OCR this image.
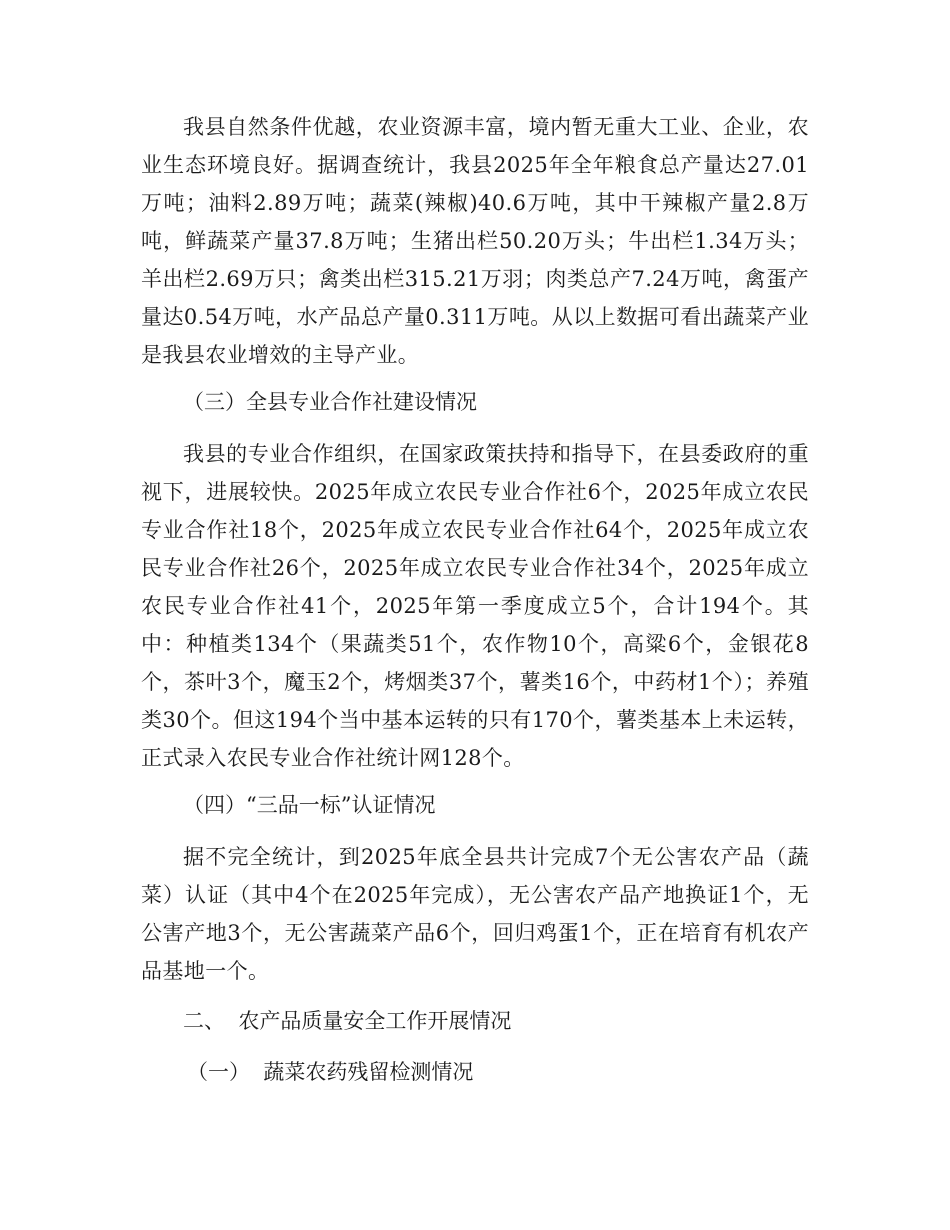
我县自然条件优越，农业资源丰富，境内暂无重大工业、企业，农业生态环境良好。据调查统计，我县2025年全年粮食总产量达27.01万吨；油料2.89万吨；蔬菜(辣椒)40.6万吨，其中干辣椒产量2.8万吨，鲜蔬菜产量37.8万吨；生猪出栏50.20万头；牛出栏1.34万头；羊出栏2.69万只；禽类出栏315.21万羽；肉类总产7.24万吨，禽蛋产量达0.54万吨，水产品总产量0.311万吨。从以上数据可看出蔬菜产业是我县农业增效的主导产业。

（三）全县专业合作社建设情况

我县的专业合作组织，在国家政策扶持和指导下，在县委政府的重视下，进展较快。2025年成立农民专业合作社6个，2025年成立农民专业合作社18个，2025年成立农民专业合作社64个，2025年成立农民专业合作社26个，2025年成立农民专业合作社34个，2025年成立农民专业合作社41个，2025年第一季度成立5个，合计194个。其中：种植类134个（果蔬类51个，农作物10个，高粱6个，金银花8个，茶叶3个，魔玉2个，烤烟类37个，薯类16个，中药材1个）；养殖类30个。但这194个当中基本运转的只有170个，薯类基本上未运转，正式录入农民专业合作社统计网128个。

（四）“三品一标”认证情况

据不完全统计，到2025年底全县共计完成7个无公害农产品（蔬菜）认证（其中4个在2025年完成），无公害农产品产地换证1个，无公害产地3个，无公害蔬菜产品6个，回归鸡蛋1个，正在培育有机农产品基地一个。

二、  农产品质量安全工作开展情况
（一）  蔬菜农药残留检测情况
